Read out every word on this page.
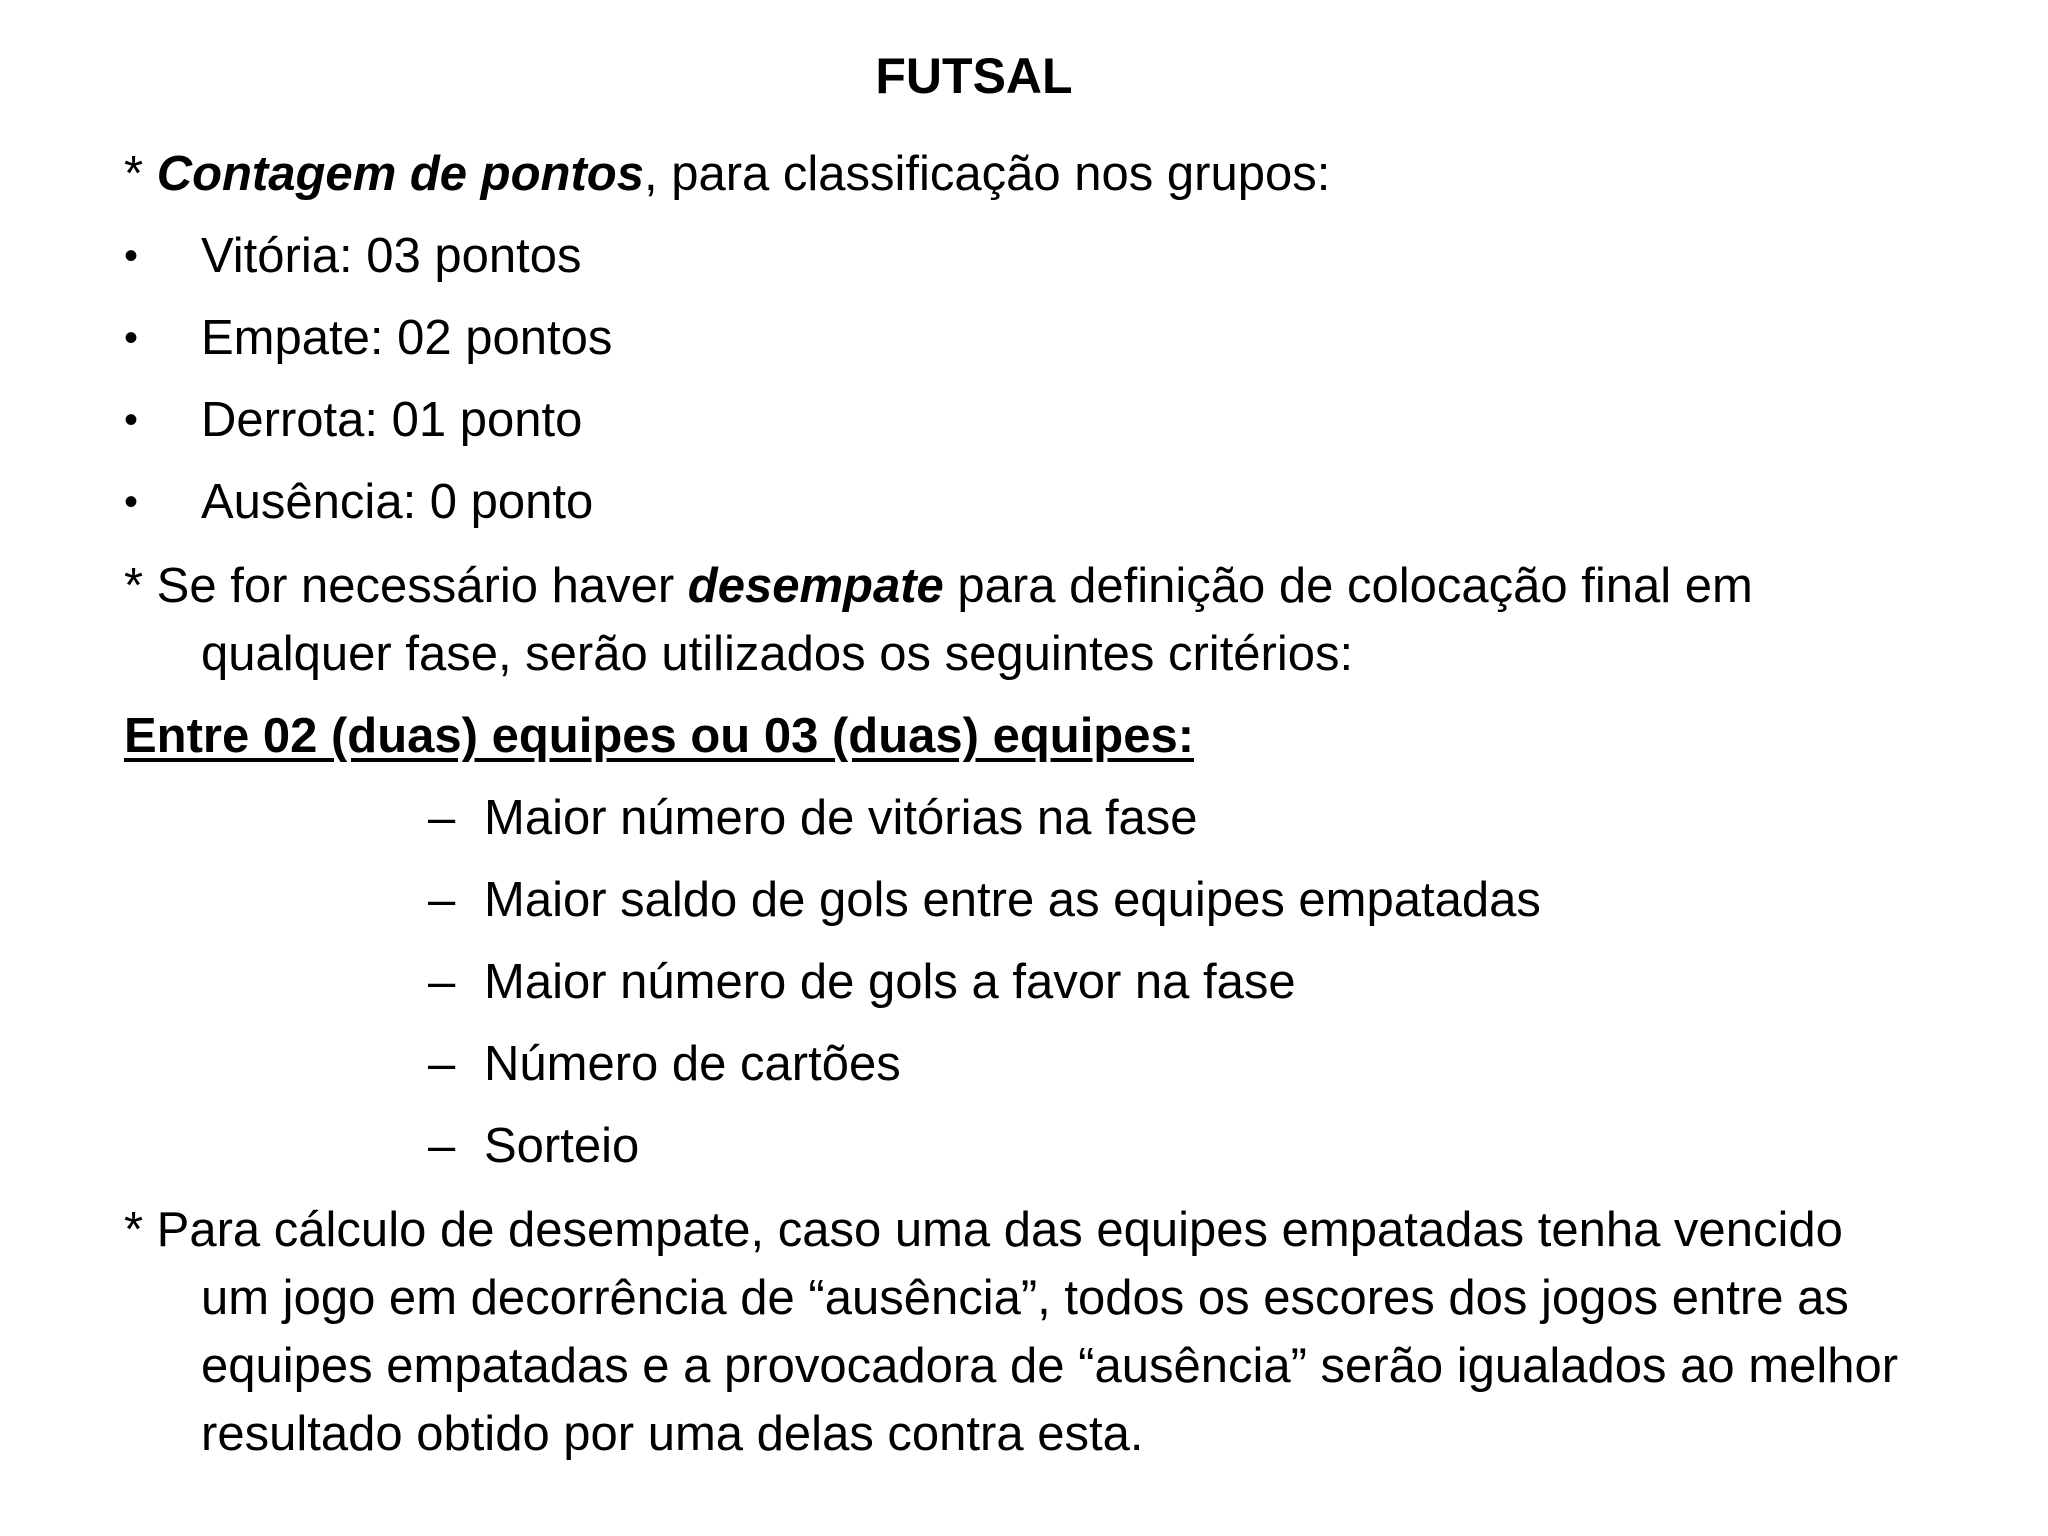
FUTSAL
* Contagem de pontos, para classificação nos grupos:
• Vitória: 03 pontos
• Empate: 02 pontos
• Derrota: 01 ponto
• Ausência: 0 ponto
* Se for necessário haver desempate para definição de colocação final em
qualquer fase, serão utilizados os seguintes critérios:
Entre 02 (duas) equipes ou 03 (duas) equipes:
– Maior número de vitórias na fase
– Maior saldo de gols entre as equipes empatadas
– Maior número de gols a favor na fase
– Número de cartões
– Sorteio
* Para cálculo de desempate, caso uma das equipes empatadas tenha vencido
um jogo em decorrência de “ausência”, todos os escores dos jogos entre as
equipes empatadas e a provocadora de “ausência” serão igualados ao melhor
resultado obtido por uma delas contra esta.
